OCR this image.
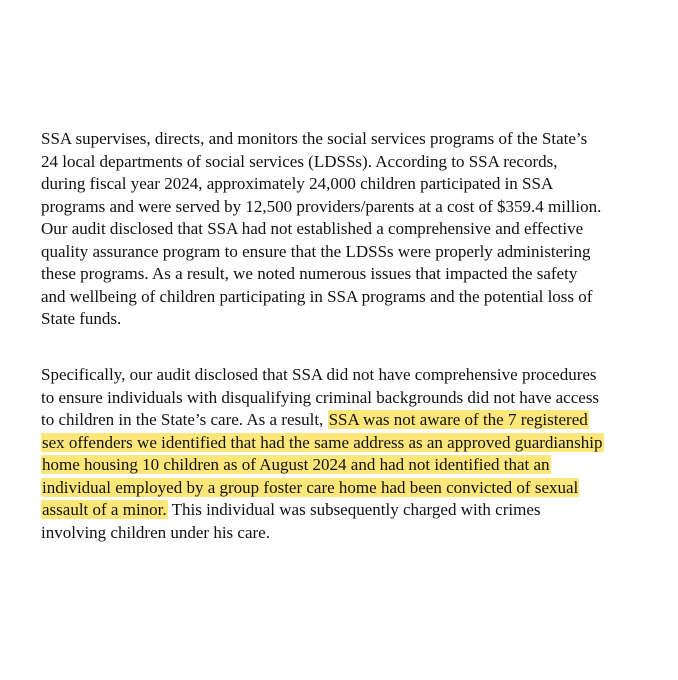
SSA supervises, directs, and monitors the social services programs of the State’s
24 local departments of social services (LDSSs). According to SSA records,
during fiscal year 2024, approximately 24,000 children participated in SSA
programs and were served by 12,500 providers/parents at a cost of $359.4 million.
Our audit disclosed that SSA had not established a comprehensive and effective
quality assurance program to ensure that the LDSSs were properly administering
these programs. As a result, we noted numerous issues that impacted the safety
and wellbeing of children participating in SSA programs and the potential loss of
State funds.
Specifically, our audit disclosed that SSA did not have comprehensive procedures
to ensure individuals with disqualifying criminal backgrounds did not have access
to children in the State’s care. As a result, SSA was not aware of the 7 registered
sex offenders we identified that had the same address as an approved guardianship
home housing 10 children as of August 2024 and had not identified that an
individual employed by a group foster care home had been convicted of sexual
assault of a minor. This individual was subsequently charged with crimes
involving children under his care.
